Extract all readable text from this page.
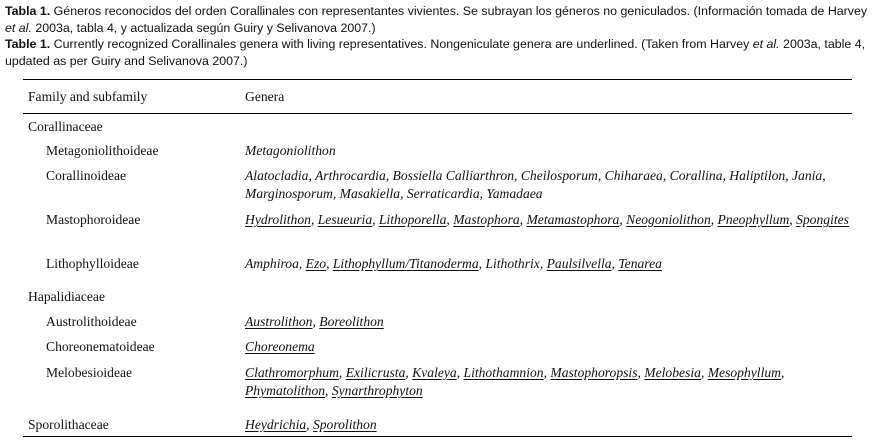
Tabla 1. Géneros reconocidos del orden Corallinales con representantes vivientes. Se subrayan los géneros no geniculados. (Información tomada de Harvey et al. 2003a, tabla 4, y actualizada según Guiry y Selivanova 2007.)

Table 1. Currently recognized Corallinales genera with living representatives. Nongeniculate genera are underlined. (Taken from Harvey et al. 2003a, table 4, updated as per Guiry and Selivanova 2007.)

Family and subfamily	Genera
Corallinaceae
Metagoniolithoideae	Metagoniolithon
Corallinoideae	Alatocladia, Arthrocardia, Bossiella Calliarthron, Cheilosporum, Chiharaea, Corallina, Haliptilon, Jania, Marginosporum, Masakiella, Serraticardia, Yamadaea
Mastophoroideae	Hydrolithon, Lesueuria, Lithoporella, Mastophora, Metamastophora, Neogoniolithon, Pneophyllum, Spongites
Lithophylloideae	Amphiroa, Ezo, Lithophyllum/Titanoderma, Lithothrix, Paulsilvella, Tenarea
Hapalidiaceae
Austrolithoideae	Austrolithon, Boreolithon
Choreonematoideae	Choreonema
Melobesioideae	Clathromorphum, Exilicrusta, Kvaleya, Lithothamnion, Mastophoropsis, Melobesia, Mesophyllum, Phymatolithon, Synarthrophyton
Sporolithaceae	Heydrichia, Sporolithon
